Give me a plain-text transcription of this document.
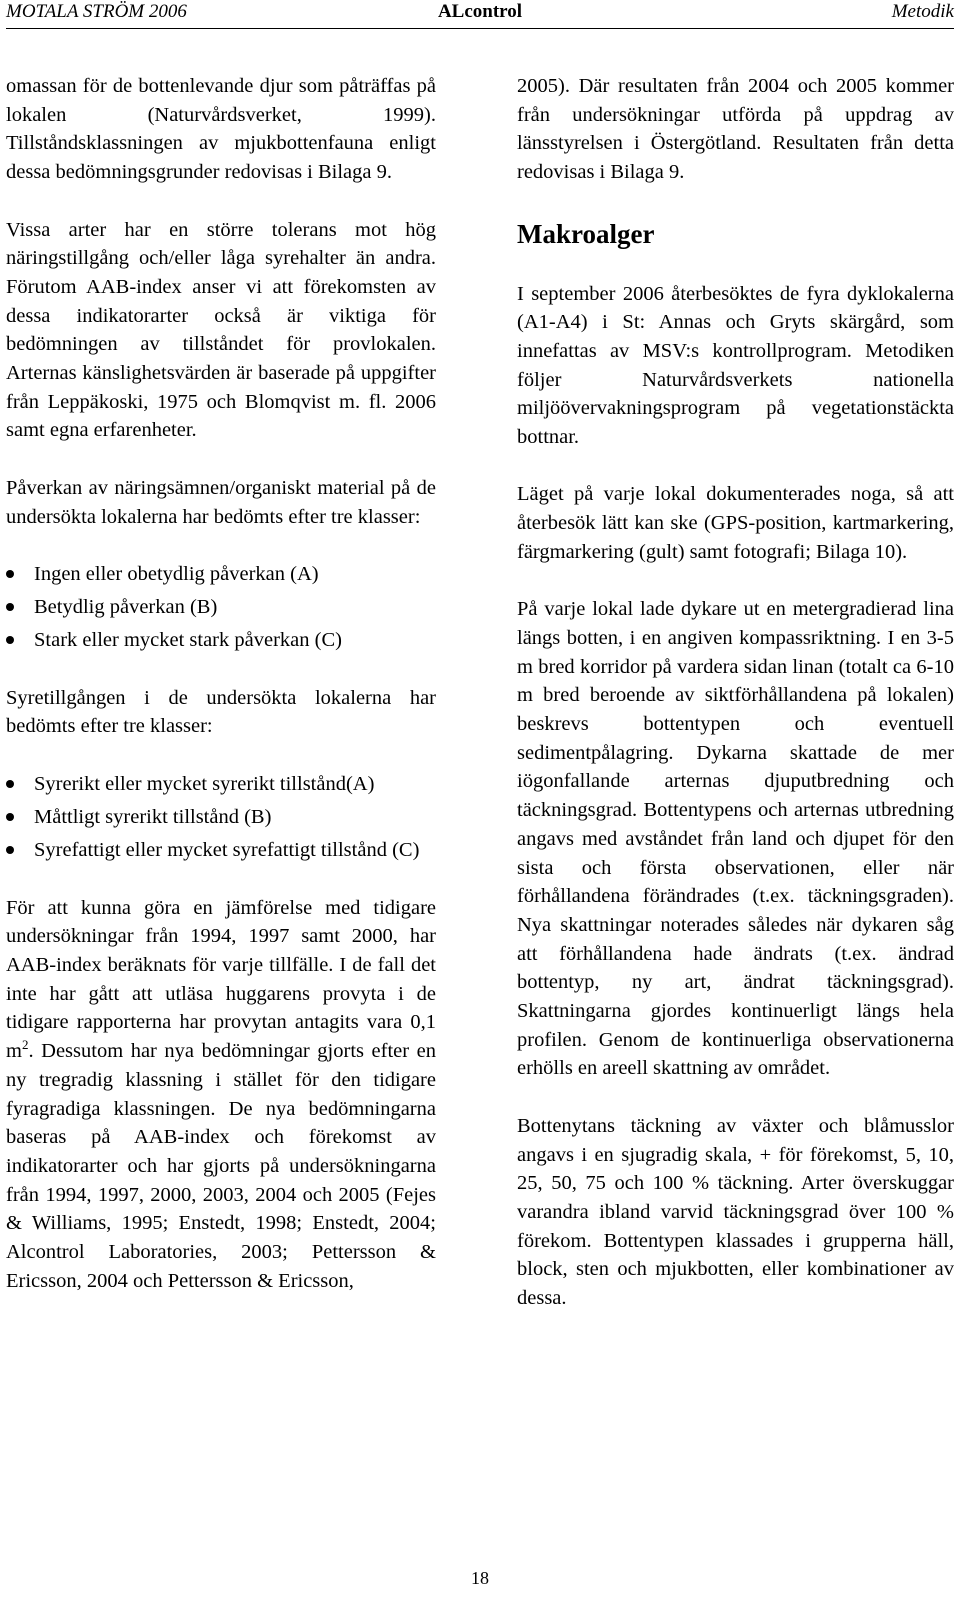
MOTALA STRÖM 2006	ALcontrol	Metodik

omassan för de bottenlevande djur som påträffas på lokalen (Naturvårdsverket, 1999). Tillståndsklassningen av mjukbottenfauna enligt dessa bedömningsgrunder redovisas i Bilaga 9.

Vissa arter har en större tolerans mot hög näringstillgång och/eller låga syrehalter än andra. Förutom AAB-index anser vi att förekomsten av dessa indikatorarter också är viktiga för bedömningen av tillståndet för provlokalen. Arternas känslighetsvärden är baserade på uppgifter från Leppäkoski, 1975 och Blomqvist m. fl. 2006 samt egna erfarenheter.

Påverkan av näringsämnen/organiskt material på de undersökta lokalerna har bedömts efter tre klasser:

Ingen eller obetydlig påverkan (A)
Betydlig påverkan (B)
Stark eller mycket stark påverkan (C)

Syretillgången i de undersökta lokalerna har bedömts efter tre klasser:

Syrerikt eller mycket syrerikt tillstånd(A)
Måttligt syrerikt tillstånd (B)
Syrefattigt eller mycket syrefattigt tillstånd (C)

För att kunna göra en jämförelse med tidigare undersökningar från 1994, 1997 samt 2000, har AAB-index beräknats för varje tillfälle. I de fall det inte har gått att utläsa huggarens provyta i de tidigare rapporterna har provytan antagits vara 0,1 $m^2$. Dessutom har nya bedömningar gjorts efter en ny tregradig klassning i stället för den tidigare fyragradiga klassningen. De nya bedömningarna baseras på AAB-index och förekomst av indikatorarter och har gjorts på undersökningarna från 1994, 1997, 2000, 2003, 2004 och 2005 (Fejes & Williams, 1995; Enstedt, 1998; Enstedt, 2004; Alcontrol Laboratories, 2003; Pettersson & Ericsson, 2004 och Pettersson & Ericsson,

2005). Där resultaten från 2004 och 2005 kommer från undersökningar utförda på uppdrag av länsstyrelsen i Östergötland. Resultaten från detta redovisas i Bilaga 9.

Makroalger

I september 2006 återbesöktes de fyra dyklokalerna (A1-A4) i St: Annas och Gryts skärgård, som innefattas av MSV:s kontrollprogram. Metodiken följer Naturvårdsverkets nationella miljöövervakningsprogram på vegetationstäckta bottnar.

Läget på varje lokal dokumenterades noga, så att återbesök lätt kan ske (GPS-position, kartmarkering, färgmarkering (gult) samt fotografi; Bilaga 10).

På varje lokal lade dykare ut en metergradierad lina längs botten, i en angiven kompassriktning. I en 3-5 m bred korridor på vardera sidan linan (totalt ca 6-10 m bred beroende av siktförhållandena på lokalen) beskrevs bottentypen och eventuell sedimentpålagring. Dykarna skattade de mer iögonfallande arternas djuputbredning och täckningsgrad. Bottentypens och arternas utbredning angavs med avståndet från land och djupet för den sista och första observationen, eller när förhållandena förändrades (t.ex. täckningsgraden). Nya skattningar noterades således när dykaren såg att förhållandena hade ändrats (t.ex. ändrad bottentyp, ny art, ändrat täckningsgrad). Skattningarna gjordes kontinuerligt längs hela profilen. Genom de kontinuerliga observationerna erhölls en areell skattning av området.

Bottenytans täckning av växter och blåmusslor angavs i en sjugradig skala, + för förekomst, 5, 10, 25, 50, 75 och 100 % täckning. Arter överskuggar varandra ibland varvid täckningsgrad över 100 % förekom. Bottentypen klassades i grupperna häll, block, sten och mjukbotten, eller kombinationer av dessa.

18
